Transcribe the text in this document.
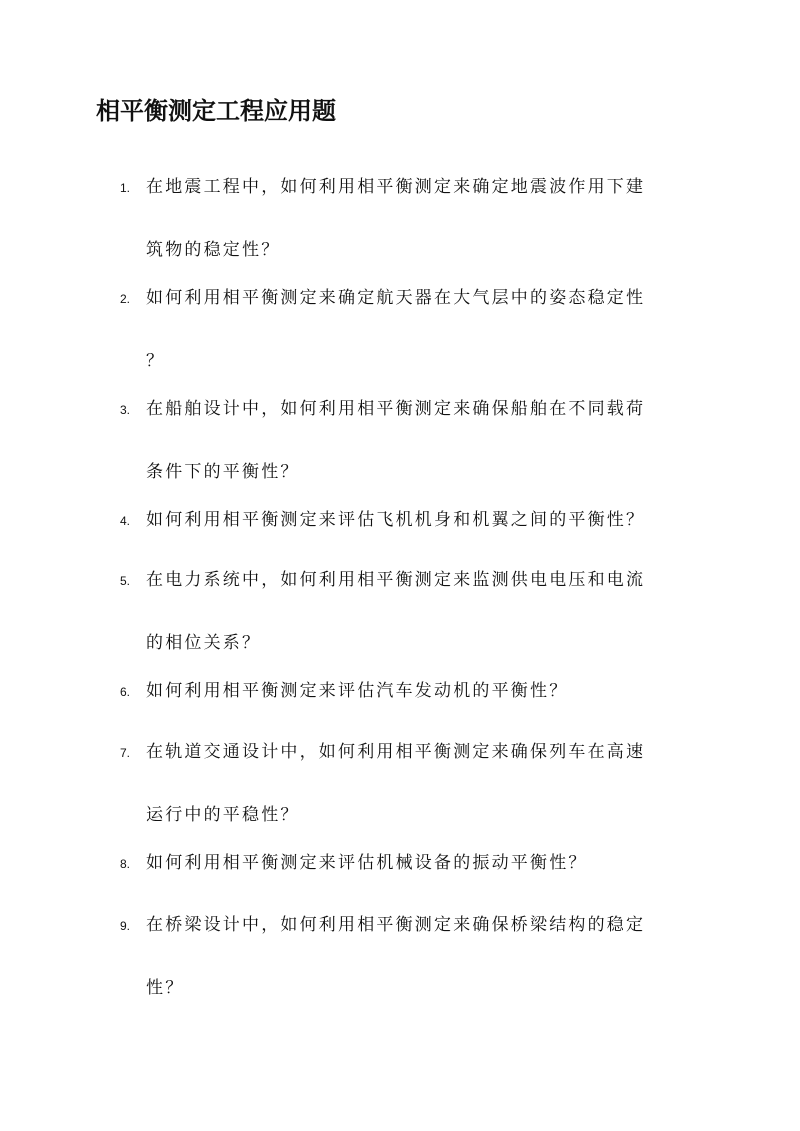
相平衡测定工程应用题
1. 在地震工程中，如何利用相平衡测定来确定地震波作用下建
筑物的稳定性？
2. 如何利用相平衡测定来确定航天器在大气层中的姿态稳定性
？
3. 在船舶设计中，如何利用相平衡测定来确保船舶在不同载荷
条件下的平衡性？
4. 如何利用相平衡测定来评估飞机机身和机翼之间的平衡性？
5. 在电力系统中，如何利用相平衡测定来监测供电电压和电流
的相位关系？
6. 如何利用相平衡测定来评估汽车发动机的平衡性？
7. 在轨道交通设计中，如何利用相平衡测定来确保列车在高速
运行中的平稳性？
8. 如何利用相平衡测定来评估机械设备的振动平衡性？
9. 在桥梁设计中，如何利用相平衡测定来确保桥梁结构的稳定
性？
